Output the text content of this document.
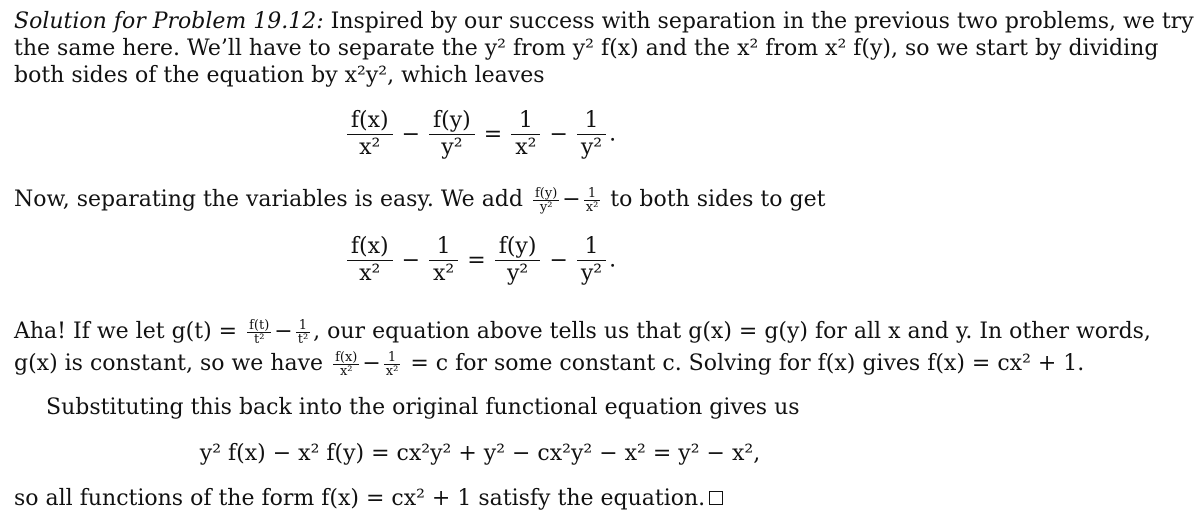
Solution for Problem 19.12: Inspired by our success with separation in the previous two problems, we try
the same here. We’ll have to separate the y² from y² f(x) and the x² from x² f(y), so we start by dividing
both sides of the equation by x²y², which leaves
$\frac{f(x)}{\text{x²}} - \frac{f(y)}{\text{y²}} = \frac{1}{\text{x²}} - \frac{1}{\text{y²}}$ .
Now, separating the variables is easy. We add $\frac{f(y)}{\text{y²}} - \frac{1}{\text{x²}}$ to both sides to get
$\frac{f(x)}{\text{x²}} - \frac{1}{\text{x²}} = \frac{f(y)}{\text{y²}} - \frac{1}{\text{y²}}$ .
Aha! If we let $g(t) = \frac{f(t)}{\text{t²}} - \frac{1}{\text{t²}}$ , our equation above tells us that g(x) = g(y) for all x and y. In other words,
g(x) is constant, so we have $\frac{f(x)}{\text{x²}} - \frac{1}{\text{x²}} = c$ for some constant c. Solving for f(x) gives f(x) = cx² + 1.
Substituting this back into the original functional equation gives us
y² f(x) − x² f(y) = cx²y² + y² − cx²y² − x² = y² − x²,
so all functions of the form f(x) = cx² + 1 satisfy the equation.
